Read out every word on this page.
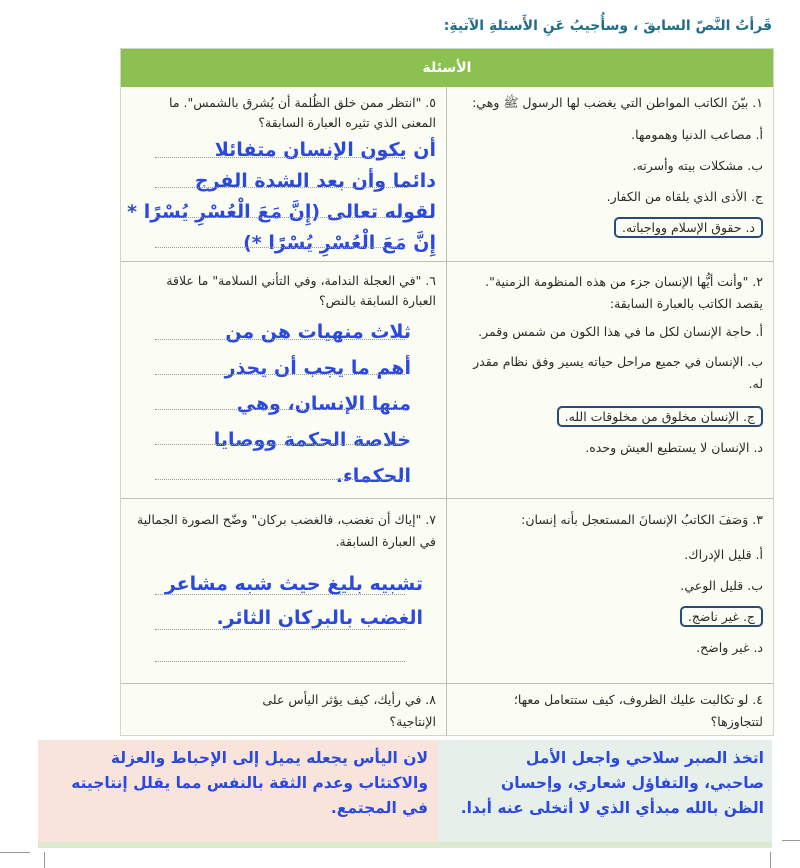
قَرأتُ النَّصّ السابقَ ، وسأُجيبُ عَنِ الأَسئلةِ الآتيةِ:
الأسئلة
١. بيّنَ الكاتب المواطن التي يغضب لها الرسول ﷺ وهي:
أ. مصاعب الدنيا وهمومها.
ب. مشكلات بيته وأسرته.
ج. الأذى الذي يلقاه من الكفار.
د. حقوق الإسلام وواجباته.
٥. "انتظر ممن خلق الظُلمة أن يُشرق بالشمس". ما المعنى الذي تثيره العبارة السابقة؟
أن يكون الإنسان متفائلا
دائما وأن بعد الشدة الفرج
لقوله تعالى (إِنَّ مَعَ الْعُسْرِ يُسْرًا *
إِنَّ مَعَ الْعُسْرِ يُسْرًا *)
٢. "وأنت أيُّها الإنسان جزء من هذه المنظومة الزمنية". يقصد الكاتب بالعبارة السابقة:
أ. حاجة الإنسان لكل ما في هذا الكون من شمس وقمر.
ب. الإنسان في جميع مراحل حياته يسير وفق نظام مقدر له.
ج. الإنسان مخلوق من مخلوقات الله.
د. الإنسان لا يستطيع العيش وحده.
٦. "في العجلة الندامة، وفي التأني السلامة" ما علاقة العبارة السابقة بالنص؟
ثلاث منهيات هن من
أهم ما يجب أن يحذر
منها الإنسان، وهي
خلاصة الحكمة ووصايا
الحكماء.
٣. وَصَفَ الكاتبُ الإنسانَ المستعجل بأنه إنسان:
أ. قليل الإدراك.
ب. قليل الوعي.
ج. غير ناضج.
د. غير واضح.
٧. "إياك أن تغضب، فالغضب بركان" وضّح الصورة الجمالية في العبارة السابقة.
تشبيه بليغ حيث شبه مشاعر
الغضب بالبركان الثائر.
٤. لو تكالبت عليك الظروف، كيف ستتعامل معها؛ لتتجاوزها؟
٨. في رأيك، كيف يؤثر اليأس على الإنتاجية؟
لان اليأس يجعله يميل إلى الإحباط والعزلة
والاكتئاب وعدم الثقة بالنفس مما يقلل إنتاجيته
في المجتمع.
اتخذ الصبر سلاحي واجعل الأمل
صاحبي، والتفاؤل شعاري، وإحسان
الظن بالله مبدأي الذي لا أتخلى عنه أبدا.
